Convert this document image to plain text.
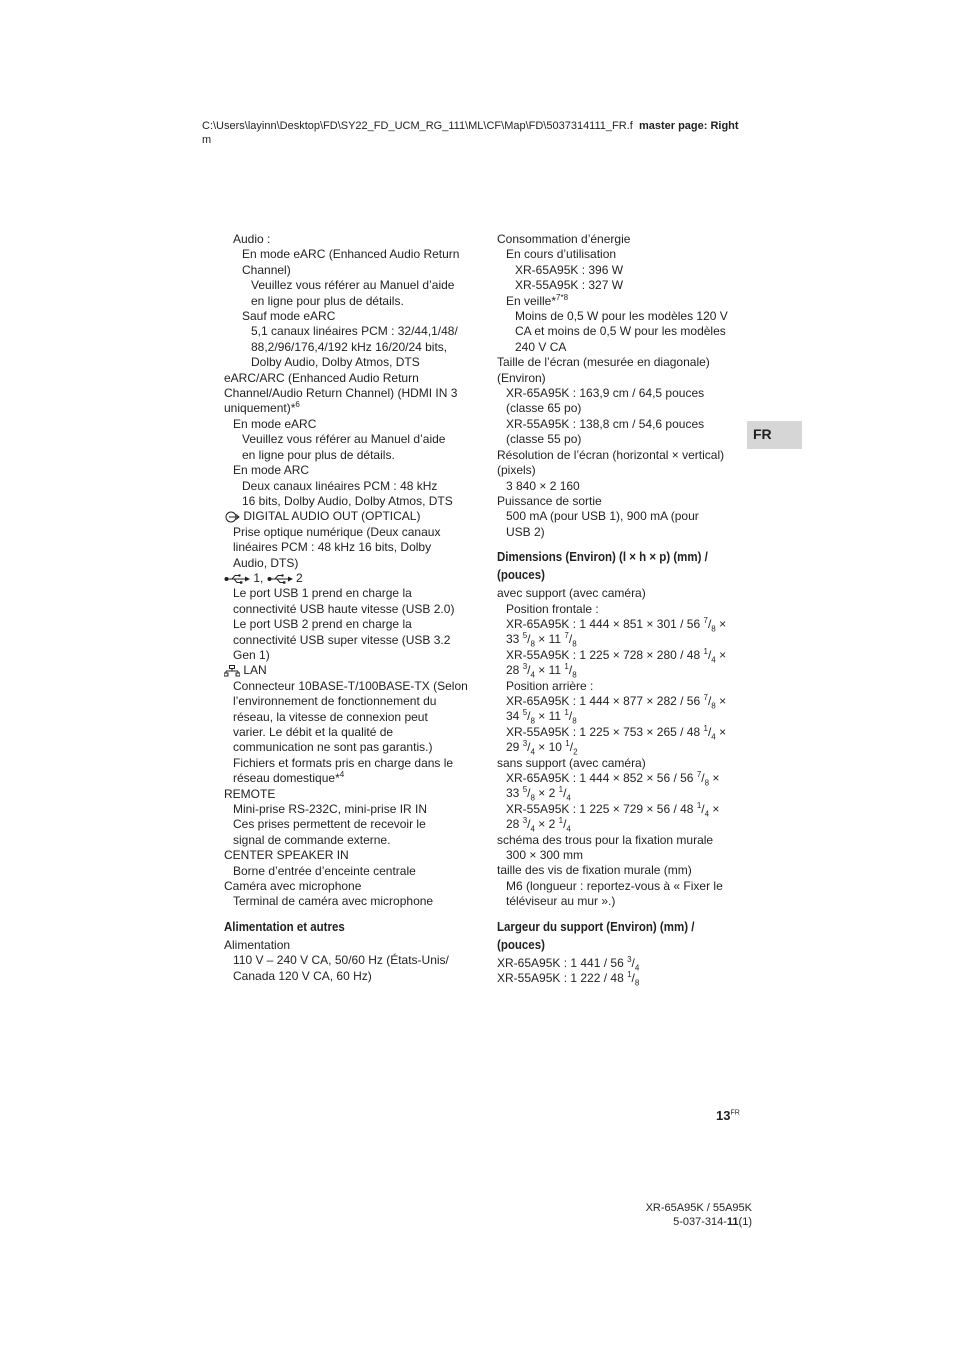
C:\Users\layinn\Desktop\FD\SY22_FD_UCM_RG_111\ML\CF\Map\FD\5037314111_FR.f master page: Right
m
Audio :
En mode eARC (Enhanced Audio Return
Channel)
Veuillez vous référer au Manuel d’aide
en ligne pour plus de détails.
Sauf mode eARC
5,1 canaux linéaires PCM : 32/44,1/48/
88,2/96/176,4/192 kHz 16/20/24 bits,
Dolby Audio, Dolby Atmos, DTS
eARC/ARC (Enhanced Audio Return
Channel/Audio Return Channel) (HDMI IN 3
uniquement)*$^6$
En mode eARC
Veuillez vous référer au Manuel d’aide
en ligne pour plus de détails.
En mode ARC
Deux canaux linéaires PCM : 48 kHz
16 bits, Dolby Audio, Dolby Atmos, DTS
DIGITAL AUDIO OUT (OPTICAL)
Prise optique numérique (Deux canaux
linéaires PCM : 48 kHz 16 bits, Dolby
Audio, DTS)
1,  2
Le port USB 1 prend en charge la
connectivité USB haute vitesse (USB 2.0)
Le port USB 2 prend en charge la
connectivité USB super vitesse (USB 3.2
Gen 1)
LAN
Connecteur 10BASE-T/100BASE-TX (Selon
l’environnement de fonctionnement du
réseau, la vitesse de connexion peut
varier. Le débit et la qualité de
communication ne sont pas garantis.)
Fichiers et formats pris en charge dans le
réseau domestique*$^4$
REMOTE
Mini-prise RS-232C, mini-prise IR IN
Ces prises permettent de recevoir le
signal de commande externe.
CENTER SPEAKER IN
Borne d’entrée d’enceinte centrale
Caméra avec microphone
Terminal de caméra avec microphone
Alimentation et autres
Alimentation
110 V – 240 V CA, 50/60 Hz (États-Unis/
Canada 120 V CA, 60 Hz)
Consommation d’énergie
En cours d’utilisation
XR-65A95K : 396 W
XR-55A95K : 327 W
En veille*$^{7*8}$
Moins de 0,5 W pour les modèles 120 V
CA et moins de 0,5 W pour les modèles
240 V CA
Taille de l’écran (mesurée en diagonale)
(Environ)
XR-65A95K : 163,9 cm / 64,5 pouces
(classe 65 po)
XR-55A95K : 138,8 cm / 54,6 pouces
(classe 55 po)
Résolution de l’écran (horizontal × vertical)
(pixels)
3 840 × 2 160
Puissance de sortie
500 mA (pour USB 1), 900 mA (pour
USB 2)
Dimensions (Environ) (l × h × p) (mm) /
(pouces)
avec support (avec caméra)
Position frontale :
XR-65A95K : 1 444 × 851 × 301 / 56 $^7/_8$ ×
33 $^5/_8 \times 11$ $^7/_8$
XR-55A95K : 1 225 × 728 × 280 / 48 $^1/_4$ ×
28 $^3/_4 \times 11$ $^1/_8$
Position arrière :
XR-65A95K : 1 444 × 877 × 282 / 56 $^7/_8$ ×
34 $^5/_8 \times 11$ $^1/_8$
XR-55A95K : 1 225 × 753 × 265 / 48 $^1/_4$ ×
29 $^3/_4 \times 10$ $^1/_2$
sans support (avec caméra)
XR-65A95K : 1 444 × 852 × 56 / 56 $^7/_8$ ×
33 $^5/_8 \times 2$ $^1/_4$
XR-55A95K : 1 225 × 729 × 56 / 48 $^1/_4$ ×
28 $^3/_4 \times 2$ $^1/_4$
schéma des trous pour la fixation murale
300 × 300 mm
taille des vis de fixation murale (mm)
M6 (longueur : reportez-vous à « Fixer le
téléviseur au mur ».)
Largeur du support (Environ) (mm) /
(pouces)
XR-65A95K : 1 441 / 56 $^3/_4$
XR-55A95K : 1 222 / 48 $^1/_8$
FR
$13^{FR}$
XR-65A95K / 55A95K
5-037-314-11(1)
